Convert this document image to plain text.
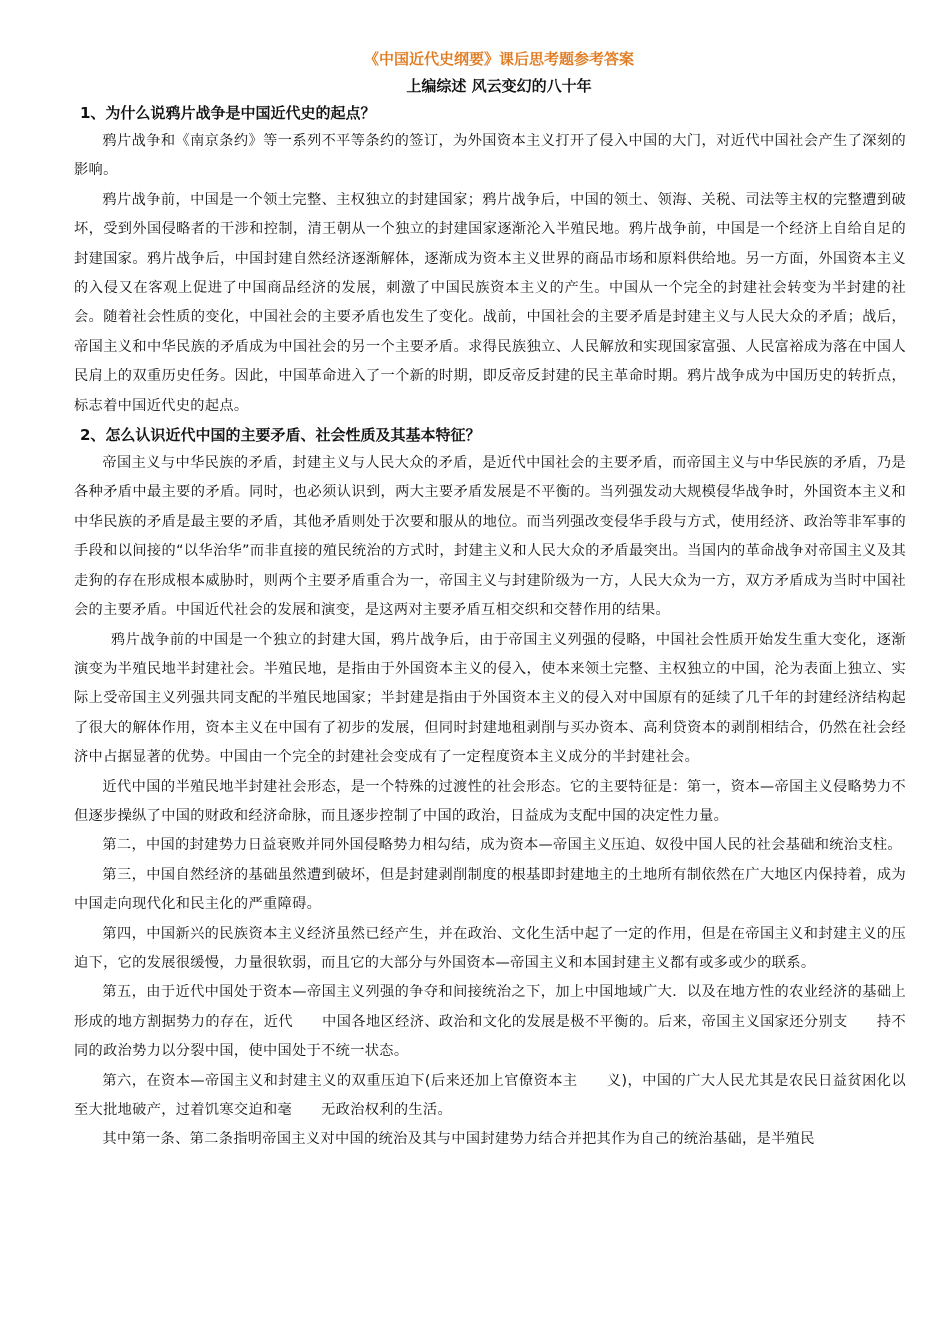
《中国近代史纲要》课后思考题参考答案
上编综述 风云变幻的八十年
1、为什么说鸦片战争是中国近代史的起点？

鸦片战争和《南京条约》等一系列不平等条约的签订，为外国资本主义打开了侵入中国的大门，对近代中国社会产生了深刻的影响。

鸦片战争前，中国是一个领土完整、主权独立的封建国家；鸦片战争后，中国的领土、领海、关税、司法等主权的完整遭到破坏，受到外国侵略者的干涉和控制，清王朝从一个独立的封建国家逐渐沦入半殖民地。鸦片战争前，中国是一个经济上自给自足的封建国家。鸦片战争后，中国封建自然经济逐渐解体，逐渐成为资本主义世界的商品市场和原料供给地。另一方面，外国资本主义的入侵又在客观上促进了中国商品经济的发展，刺激了中国民族资本主义的产生。中国从一个完全的封建社会转变为半封建的社会。随着社会性质的变化，中国社会的主要矛盾也发生了变化。战前，中国社会的主要矛盾是封建主义与人民大众的矛盾；战后，帝国主义和中华民族的矛盾成为中国社会的另一个主要矛盾。求得民族独立、人民解放和实现国家富强、人民富裕成为落在中国人民肩上的双重历史任务。因此，中国革命进入了一个新的时期，即反帝反封建的民主革命时期。鸦片战争成为中国历史的转折点，标志着中国近代史的起点。

2、怎么认识近代中国的主要矛盾、社会性质及其基本特征？

帝国主义与中华民族的矛盾，封建主义与人民大众的矛盾，是近代中国社会的主要矛盾，而帝国主义与中华民族的矛盾，乃是各种矛盾中最主要的矛盾。同时，也必须认识到，两大主要矛盾发展是不平衡的。当列强发动大规模侵华战争时，外国资本主义和中华民族的矛盾是最主要的矛盾，其他矛盾则处于次要和服从的地位。而当列强改变侵华手段与方式，使用经济、政治等非军事的手段和以间接的“以华治华”而非直接的殖民统治的方式时，封建主义和人民大众的矛盾最突出。当国内的革命战争对帝国主义及其走狗的存在形成根本威胁时，则两个主要矛盾重合为一，帝国主义与封建阶级为一方，人民大众为一方，双方矛盾成为当时中国社会的主要矛盾。中国近代社会的发展和演变，是这两对主要矛盾互相交织和交替作用的结果。

鸦片战争前的中国是一个独立的封建大国，鸦片战争后，由于帝国主义列强的侵略，中国社会性质开始发生重大变化，逐渐演变为半殖民地半封建社会。半殖民地，是指由于外国资本主义的侵入，使本来领土完整、主权独立的中国，沦为表面上独立、实际上受帝国主义列强共同支配的半殖民地国家；半封建是指由于外国资本主义的侵入对中国原有的延续了几千年的封建经济结构起了很大的解体作用，资本主义在中国有了初步的发展，但同时封建地租剥削与买办资本、高利贷资本的剥削相结合，仍然在社会经济中占据显著的优势。中国由一个完全的封建社会变成有了一定程度资本主义成分的半封建社会。

近代中国的半殖民地半封建社会形态，是一个特殊的过渡性的社会形态。它的主要特征是：第一，资本—帝国主义侵略势力不但逐步操纵了中国的财政和经济命脉，而且逐步控制了中国的政治，日益成为支配中国的决定性力量。

第二，中国的封建势力日益衰败并同外国侵略势力相勾结，成为资本—帝国主义压迫、奴役中国人民的社会基础和统治支柱。

第三，中国自然经济的基础虽然遭到破坏，但是封建剥削制度的根基即封建地主的土地所有制依然在广大地区内保持着，成为中国走向现代化和民主化的严重障碍。

第四，中国新兴的民族资本主义经济虽然已经产生，并在政治、文化生活中起了一定的作用，但是在帝国主义和封建主义的压迫下，它的发展很缓慢，力量很软弱，而且它的大部分与外国资本—帝国主义和本国封建主义都有或多或少的联系。

第五，由于近代中国处于资本—帝国主义列强的争夺和间接统治之下，加上中国地域广大．以及在地方性的农业经济的基础上形成的地方割据势力的存在，近代　　中国各地区经济、政治和文化的发展是极不平衡的。后来，帝国主义国家还分别支　　持不同的政治势力以分裂中国，使中国处于不统一状态。

第六，在资本—帝国主义和封建主义的双重压迫下(后来还加上官僚资本主　　义)，中国的广大人民尤其是农民日益贫困化以至大批地破产，过着饥寒交迫和毫　　无政治权利的生活。

其中第一条、第二条指明帝国主义对中国的统治及其与中国封建势力结合并把其作为自己的统治基础，是半殖民
